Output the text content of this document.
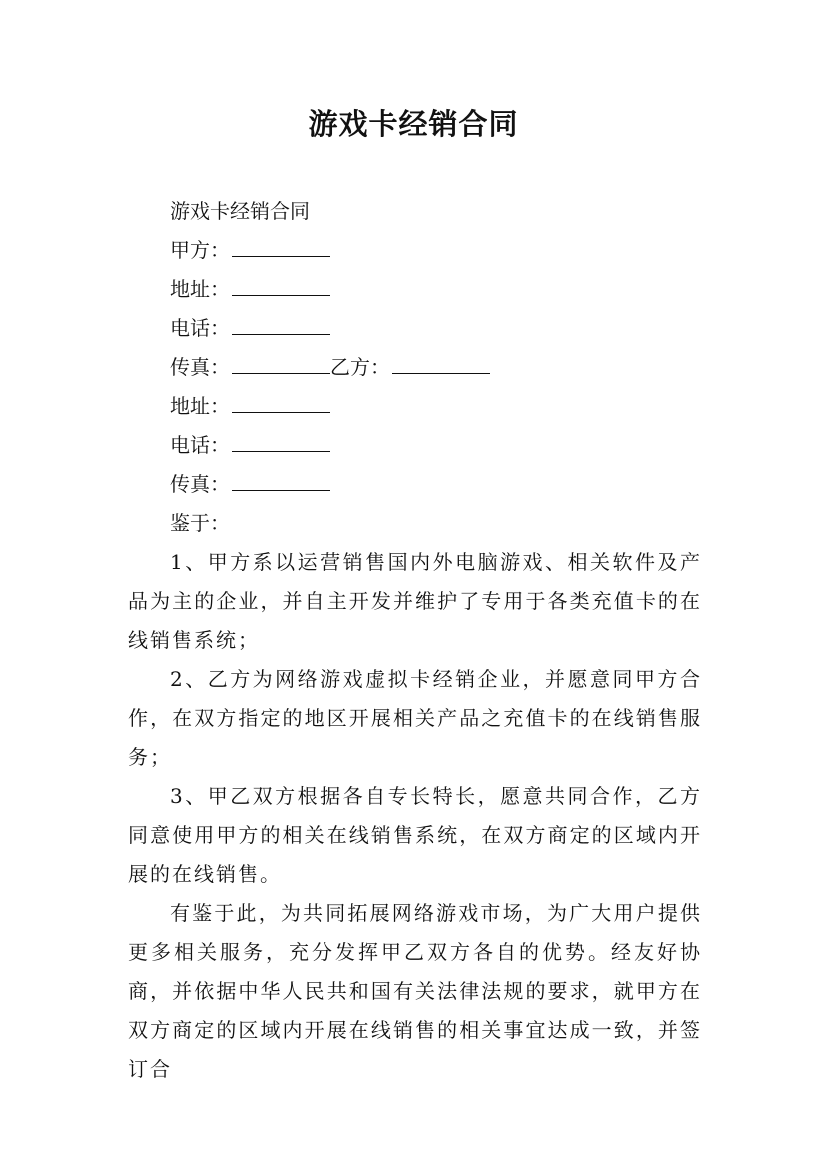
游戏卡经销合同
游戏卡经销合同
甲方：
地址：
电话：
传真：	乙方：
地址：
电话：
传真：
鉴于：

1、甲方系以运营销售国内外电脑游戏、相关软件及产品为主的企业，并自主开发并维护了专用于各类充值卡的在线销售系统；

2、乙方为网络游戏虚拟卡经销企业，并愿意同甲方合作，在双方指定的地区开展相关产品之充值卡的在线销售服务；

3、甲乙双方根据各自专长特长，愿意共同合作，乙方同意使用甲方的相关在线销售系统，在双方商定的区域内开展的在线销售。

有鉴于此，为共同拓展网络游戏市场，为广大用户提供更多相关服务，充分发挥甲乙双方各自的优势。经友好协商，并依据中华人民共和国有关法律法规的要求，就甲方在双方商定的区域内开展在线销售的相关事宜达成一致，并签订合
